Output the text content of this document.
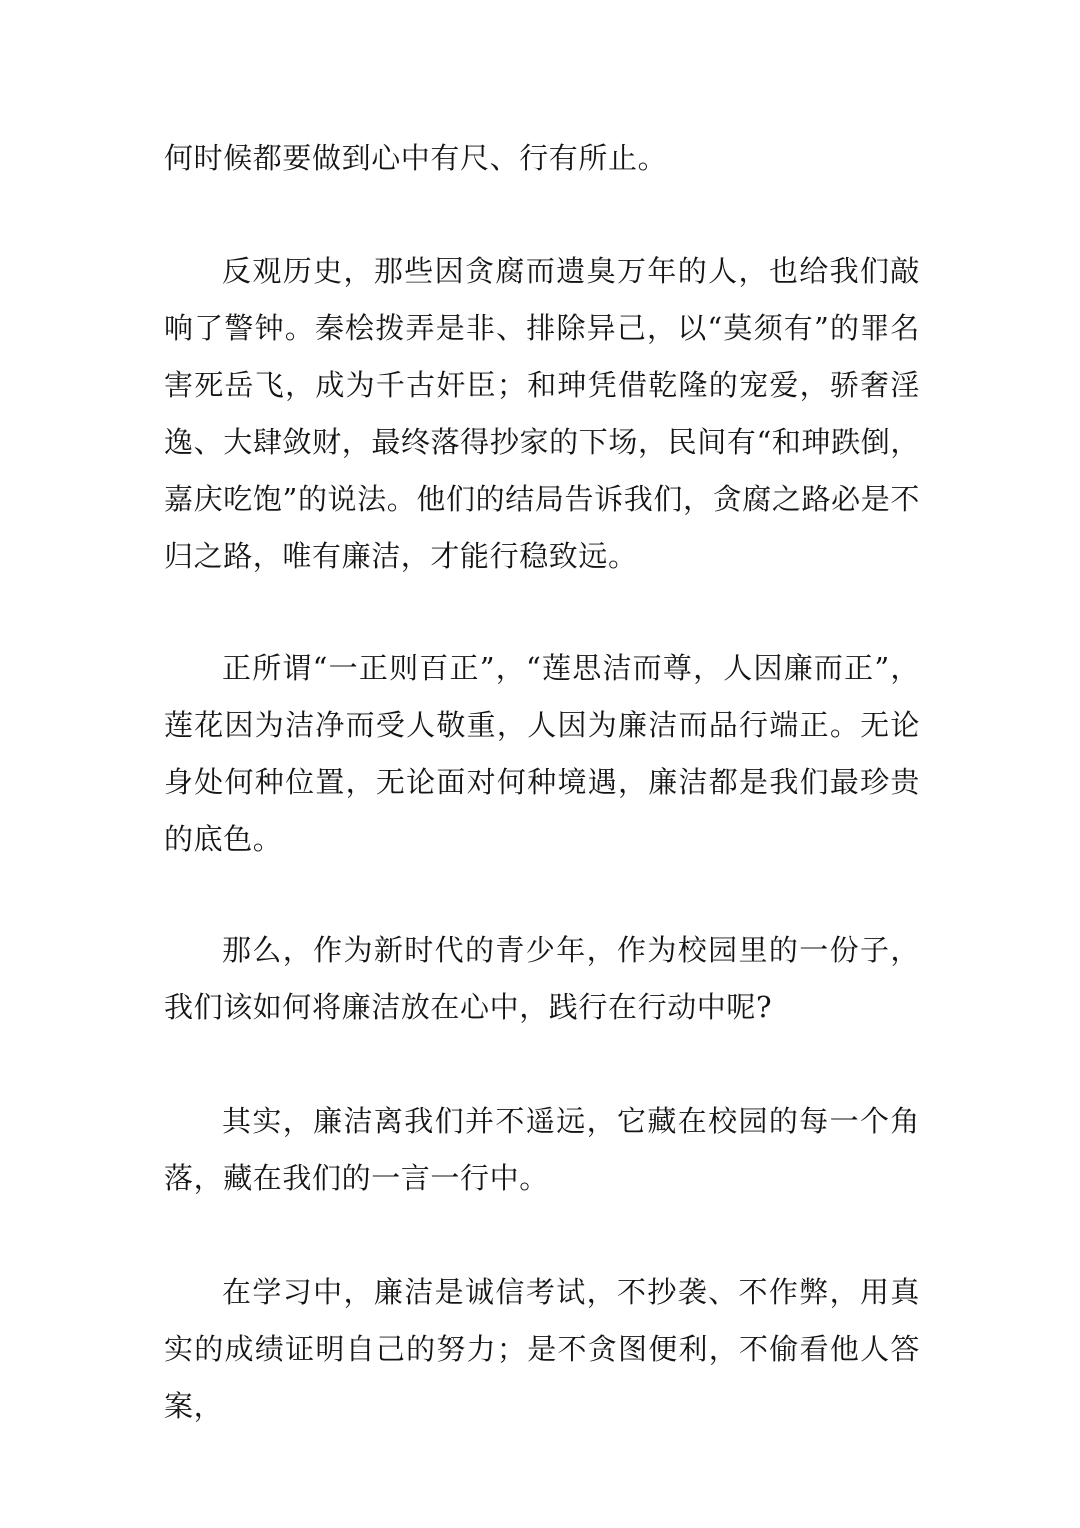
何时候都要做到心中有尺、行有所止。

反观历史，那些因贪腐而遗臭万年的人，也给我们敲响了警钟。秦桧拨弄是非、排除异己，以“莫须有”的罪名害死岳飞，成为千古奸臣；和珅凭借乾隆的宠爱，骄奢淫逸、大肆敛财，最终落得抄家的下场，民间有“和珅跌倒，嘉庆吃饱”的说法。他们的结局告诉我们，贪腐之路必是不归之路，唯有廉洁，才能行稳致远。

正所谓“一正则百正”，“莲思洁而尊，人因廉而正”，莲花因为洁净而受人敬重，人因为廉洁而品行端正。无论身处何种位置，无论面对何种境遇，廉洁都是我们最珍贵的底色。

那么，作为新时代的青少年，作为校园里的一份子，我们该如何将廉洁放在心中，践行在行动中呢?

其实，廉洁离我们并不遥远，它藏在校园的每一个角落，藏在我们的一言一行中。

在学习中，廉洁是诚信考试，不抄袭、不作弊，用真实的成绩证明自己的努力；是不贪图便利，不偷看他人答案，
